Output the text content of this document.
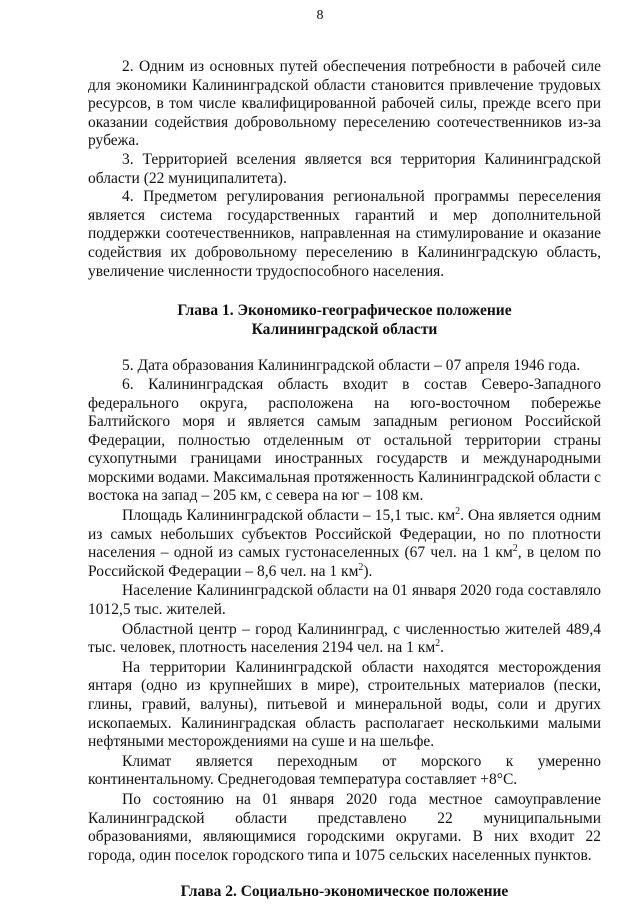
8

2. Одним из основных путей обеспечения потребности в рабочей силе для экономики Калининградской области становится привлечение трудовых ресурсов, в том числе квалифицированной рабочей силы, прежде всего при оказании содействия добровольному переселению соотечественников из-за рубежа.

3. Территорией вселения является вся территория Калининградской области (22 муниципалитета).

4. Предметом регулирования региональной программы переселения является система государственных гарантий и мер дополнительной поддержки соотечественников, направленная на стимулирование и оказание содействия их добровольному переселению в Калининградскую область, увеличение численности трудоспособного населения.

Глава 1. Экономико-географическое положение
Калининградской области

5. Дата образования Калининградской области – 07 апреля 1946 года.

6. Калининградская область входит в состав Северо-Западного федерального округа, расположена на юго-восточном побережье Балтийского моря и является самым западным регионом Российской Федерации, полностью отделенным от остальной территории страны сухопутными границами иностранных государств и международными морскими водами. Максимальная протяженность Калининградской области с востока на запад – 205 км, с севера на юг – 108 км.

Площадь Калининградской области – 15,1 тыс. $км^2$. Она является одним из самых небольших субъектов Российской Федерации, но по плотности населения – одной из самых густонаселенных (67 чел. на 1 $км^2$, в целом по Российской Федерации – 8,6 чел. на 1 $км^2$).

Население Калининградской области на 01 января 2020 года составляло 1012,5 тыс. жителей.

Областной центр – город Калининград, с численностью жителей 489,4 тыс. человек, плотность населения 2194 чел. на 1 $км^2$.

На территории Калининградской области находятся месторождения янтаря (одно из крупнейших в мире), строительных материалов (пески, глины, гравий, валуны), питьевой и минеральной воды, соли и других ископаемых. Калининградская область располагает несколькими малыми нефтяными месторождениями на суше и на шельфе.

Климат является переходным от морского к умеренно континентальному. Среднегодовая температура составляет +8°C.

По состоянию на 01 января 2020 года местное самоуправление Калининградской области представлено 22 муниципальными образованиями, являющимися городскими округами. В них входит 22 города, один поселок городского типа и 1075 сельских населенных пунктов.

Глава 2. Социально-экономическое положение
